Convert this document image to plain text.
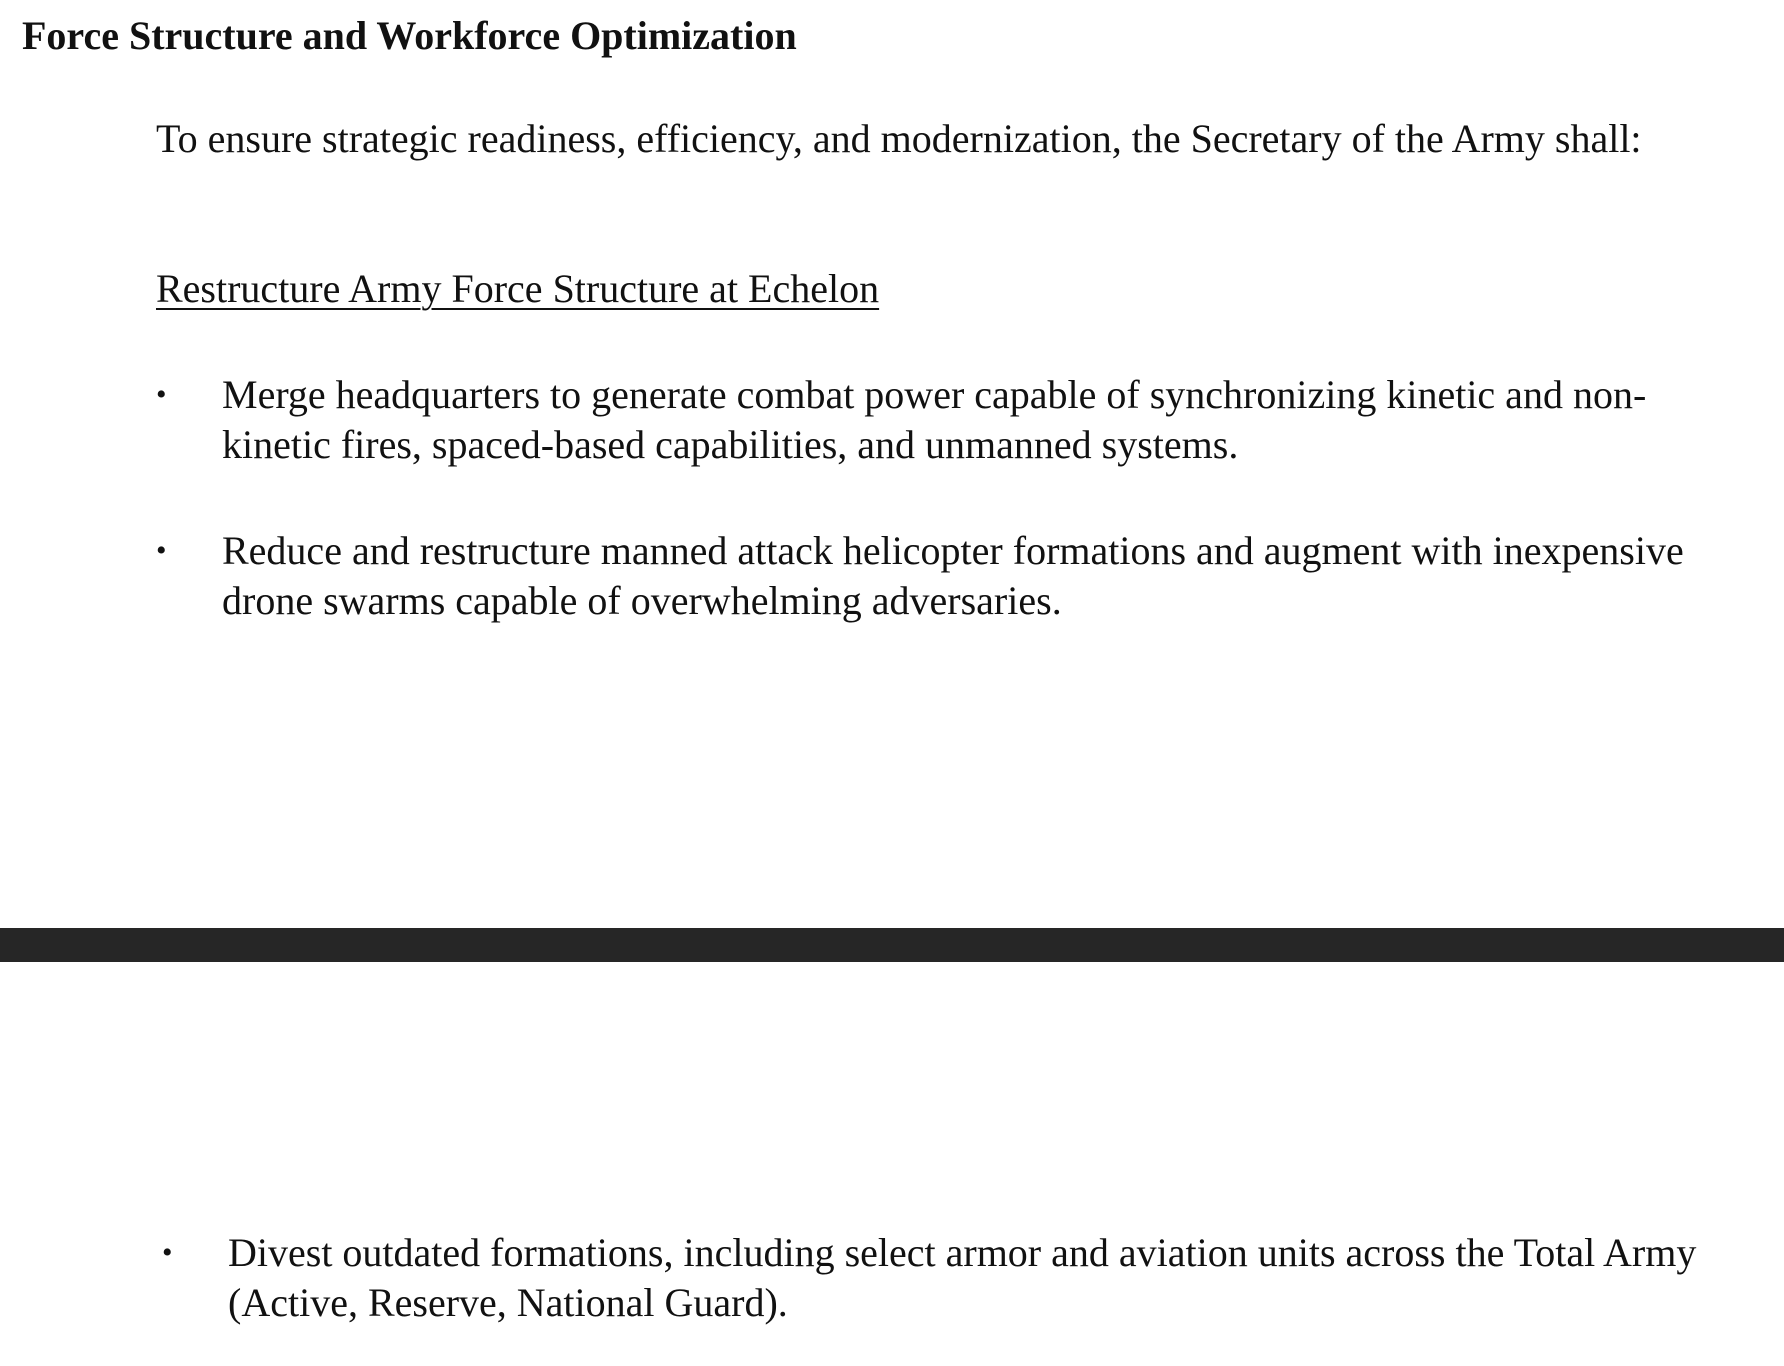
Force Structure and Workforce Optimization

To ensure strategic readiness, efficiency, and modernization, the Secretary of the Army shall:

Restructure Army Force Structure at Echelon
•	Merge headquarters to generate combat power capable of synchronizing kinetic and non-kinetic fires, spaced-based capabilities, and unmanned systems.
•	Reduce and restructure manned attack helicopter formations and augment with inexpensive drone swarms capable of overwhelming adversaries.
•	Divest outdated formations, including select armor and aviation units across the Total Army (Active, Reserve, National Guard).
